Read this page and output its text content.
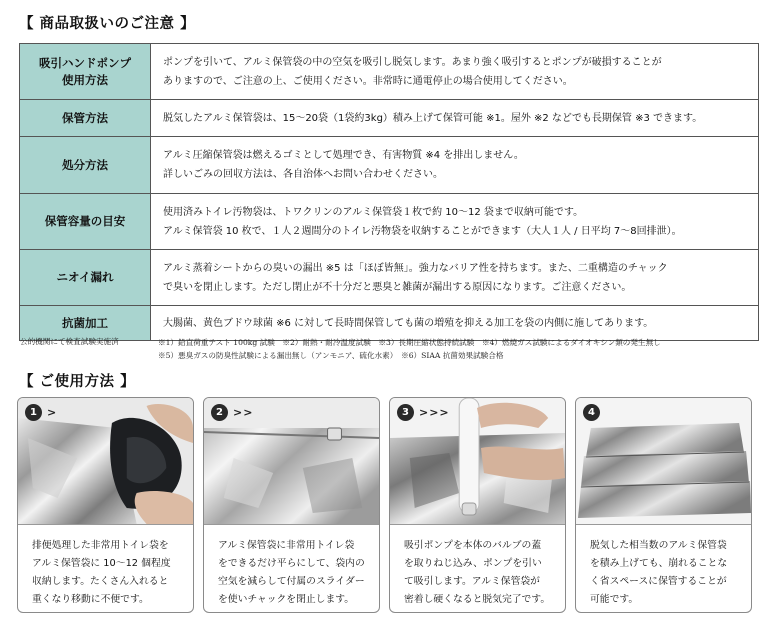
【 商品取扱いのご注意 】
吸引ハンドポンプ
使用方法	ポンプを引いて、アルミ保管袋の中の空気を吸引し脱気します。あまり強く吸引するとポンプが破損することが
ありますので、ご注意の上、ご使用ください。非常時に通電停止の場合使用してください。

保管方法	脱気したアルミ保管袋は、15～20袋（1袋約3kg）積み上げて保管可能 ※1。屋外 ※2 などでも長期保管 ※3 できます。

処分方法	アルミ圧縮保管袋は燃えるゴミとして処理でき、有害物質 ※4 を排出しません。
詳しいごみの回収方法は、各自治体へお問い合わせください。

保管容量の目安	使用済みトイレ汚物袋は、トワクリンのアルミ保管袋１枚で約 10～12 袋まで収納可能です。
アルミ保管袋 10 枚で、１人２週間分のトイレ汚物袋を収納することができます（大人１人 / 日平均 7～8回排泄）。

ニオイ漏れ	アルミ蒸着シートからの臭いの漏出 ※5 は「ほぼ皆無」。強力なバリア性を持ちます。また、二重構造のチャック
で臭いを閉止します。ただし閉止が不十分だと悪臭と雑菌が漏出する原因になります。ご注意ください。

抗菌加工	大腸菌、黄色ブドウ球菌 ※6 に対して長時間保管しても菌の増殖を抑える加工を袋の内側に施してあります。
公的機関にて検査試験実施済	※1）鉛直荷重テスト 100kg 試験　※2）耐熱・耐冷温度試験　※3）長期圧縮状態持続試験　※4）燃焼ガス試験によるダイオキシン類の発生無し
※5）悪臭ガスの防臭性試験による漏出無し（アンモニア、硫化水素）　※6）SIAA 抗菌効果試験合格
【 ご使用方法 】
1 >
排便処理した非常用トイレ袋を
アルミ保管袋に 10～12 個程度
収納します。たくさん入れると
重くなり移動に不便です。
2 >>
アルミ保管袋に非常用トイレ袋
をできるだけ平らにして、袋内の
空気を減らして付属のスライダー
を使いチャックを閉止します。
3 >>>
吸引ポンプを本体のバルブの蓋
を取りねじ込み、ポンプを引い
て吸引します。アルミ保管袋が
密着し硬くなると脱気完了です。
4
脱気した相当数のアルミ保管袋
を積み上げても、崩れることな
く省スペースに保管することが
可能です。
